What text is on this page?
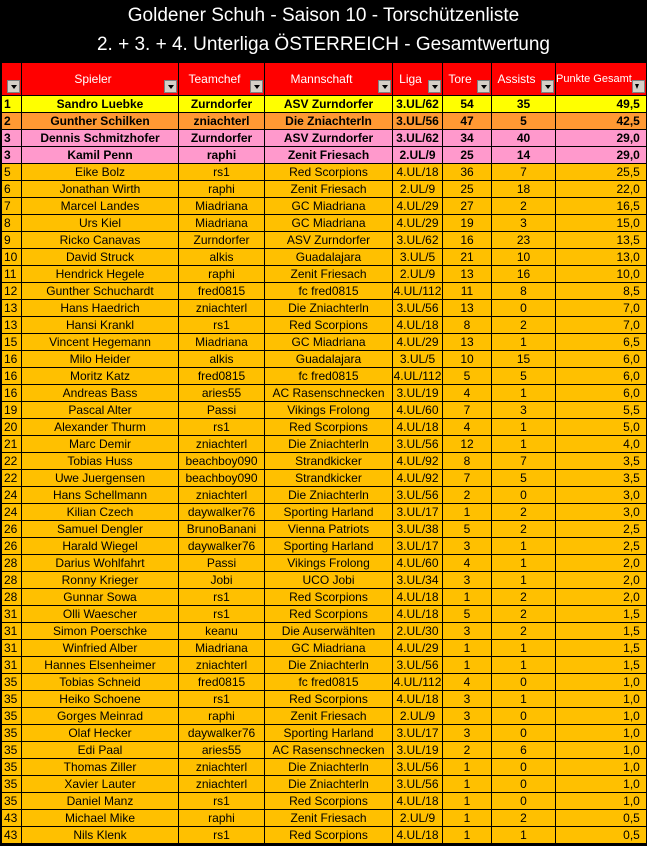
Goldener Schuh - Saison 10 - Torschützenliste
2. + 3. + 4. Unterliga ÖSTERREICH - Gesamtwertung

	Spieler	Teamchef	Mannschaft	Liga	Tore	Assists	Punkte Gesamt

1	Sandro Luebke	Zurndorfer	ASV Zurndorfer	3.UL/62	54	35	49,5
2	Gunther Schilken	zniachterl	Die Zniachterln	3.UL/56	47	5	42,5
3	Dennis Schmitzhofer	Zurndorfer	ASV Zurndorfer	3.UL/62	34	40	29,0
3	Kamil Penn	raphi	Zenit Friesach	2.UL/9	25	14	29,0
5	Eike Bolz	rs1	Red Scorpions	4.UL/18	36	7	25,5
6	Jonathan Wirth	raphi	Zenit Friesach	2.UL/9	25	18	22,0
7	Marcel Landes	Miadriana	GC Miadriana	4.UL/29	27	2	16,5
8	Urs Kiel	Miadriana	GC Miadriana	4.UL/29	19	3	15,0
9	Ricko Canavas	Zurndorfer	ASV Zurndorfer	3.UL/62	16	23	13,5
10	David Struck	alkis	Guadalajara	3.UL/5	21	10	13,0
11	Hendrick Hegele	raphi	Zenit Friesach	2.UL/9	13	16	10,0
12	Gunther Schuchardt	fred0815	fc fred0815	4.UL/112	11	8	8,5
13	Hans Haedrich	zniachterl	Die Zniachterln	3.UL/56	13	0	7,0
13	Hansi Krankl	rs1	Red Scorpions	4.UL/18	8	2	7,0
15	Vincent Hegemann	Miadriana	GC Miadriana	4.UL/29	13	1	6,5
16	Milo Heider	alkis	Guadalajara	3.UL/5	10	15	6,0
16	Moritz Katz	fred0815	fc fred0815	4.UL/112	5	5	6,0
16	Andreas Bass	aries55	AC Rasenschnecken	3.UL/19	4	1	6,0
19	Pascal Alter	Passi	Vikings Frolong	4.UL/60	7	3	5,5
20	Alexander Thurm	rs1	Red Scorpions	4.UL/18	4	1	5,0
21	Marc Demir	zniachterl	Die Zniachterln	3.UL/56	12	1	4,0
22	Tobias Huss	beachboy090	Strandkicker	4.UL/92	8	7	3,5
22	Uwe Juergensen	beachboy090	Strandkicker	4.UL/92	7	5	3,5
24	Hans Schellmann	zniachterl	Die Zniachterln	3.UL/56	2	0	3,0
24	Kilian Czech	daywalker76	Sporting Harland	3.UL/17	1	2	3,0
26	Samuel Dengler	BrunoBanani	Vienna Patriots	3.UL/38	5	2	2,5
26	Harald Wiegel	daywalker76	Sporting Harland	3.UL/17	3	1	2,5
28	Darius Wohlfahrt	Passi	Vikings Frolong	4.UL/60	4	1	2,0
28	Ronny Krieger	Jobi	UCO Jobi	3.UL/34	3	1	2,0
28	Gunnar Sowa	rs1	Red Scorpions	4.UL/18	1	2	2,0
31	Olli Waescher	rs1	Red Scorpions	4.UL/18	5	2	1,5
31	Simon Poerschke	keanu	Die Auserwählten	2.UL/30	3	2	1,5
31	Winfried Alber	Miadriana	GC Miadriana	4.UL/29	1	1	1,5
31	Hannes Elsenheimer	zniachterl	Die Zniachterln	3.UL/56	1	1	1,5
35	Tobias Schneid	fred0815	fc fred0815	4.UL/112	4	0	1,0
35	Heiko Schoene	rs1	Red Scorpions	4.UL/18	3	1	1,0
35	Gorges Meinrad	raphi	Zenit Friesach	2.UL/9	3	0	1,0
35	Olaf Hecker	daywalker76	Sporting Harland	3.UL/17	3	0	1,0
35	Edi Paal	aries55	AC Rasenschnecken	3.UL/19	2	6	1,0
35	Thomas Ziller	zniachterl	Die Zniachterln	3.UL/56	1	0	1,0
35	Xavier Lauter	zniachterl	Die Zniachterln	3.UL/56	1	0	1,0
35	Daniel Manz	rs1	Red Scorpions	4.UL/18	1	0	1,0
43	Michael Mike	raphi	Zenit Friesach	2.UL/9	1	2	0,5
43	Nils Klenk	rs1	Red Scorpions	4.UL/18	1	1	0,5
